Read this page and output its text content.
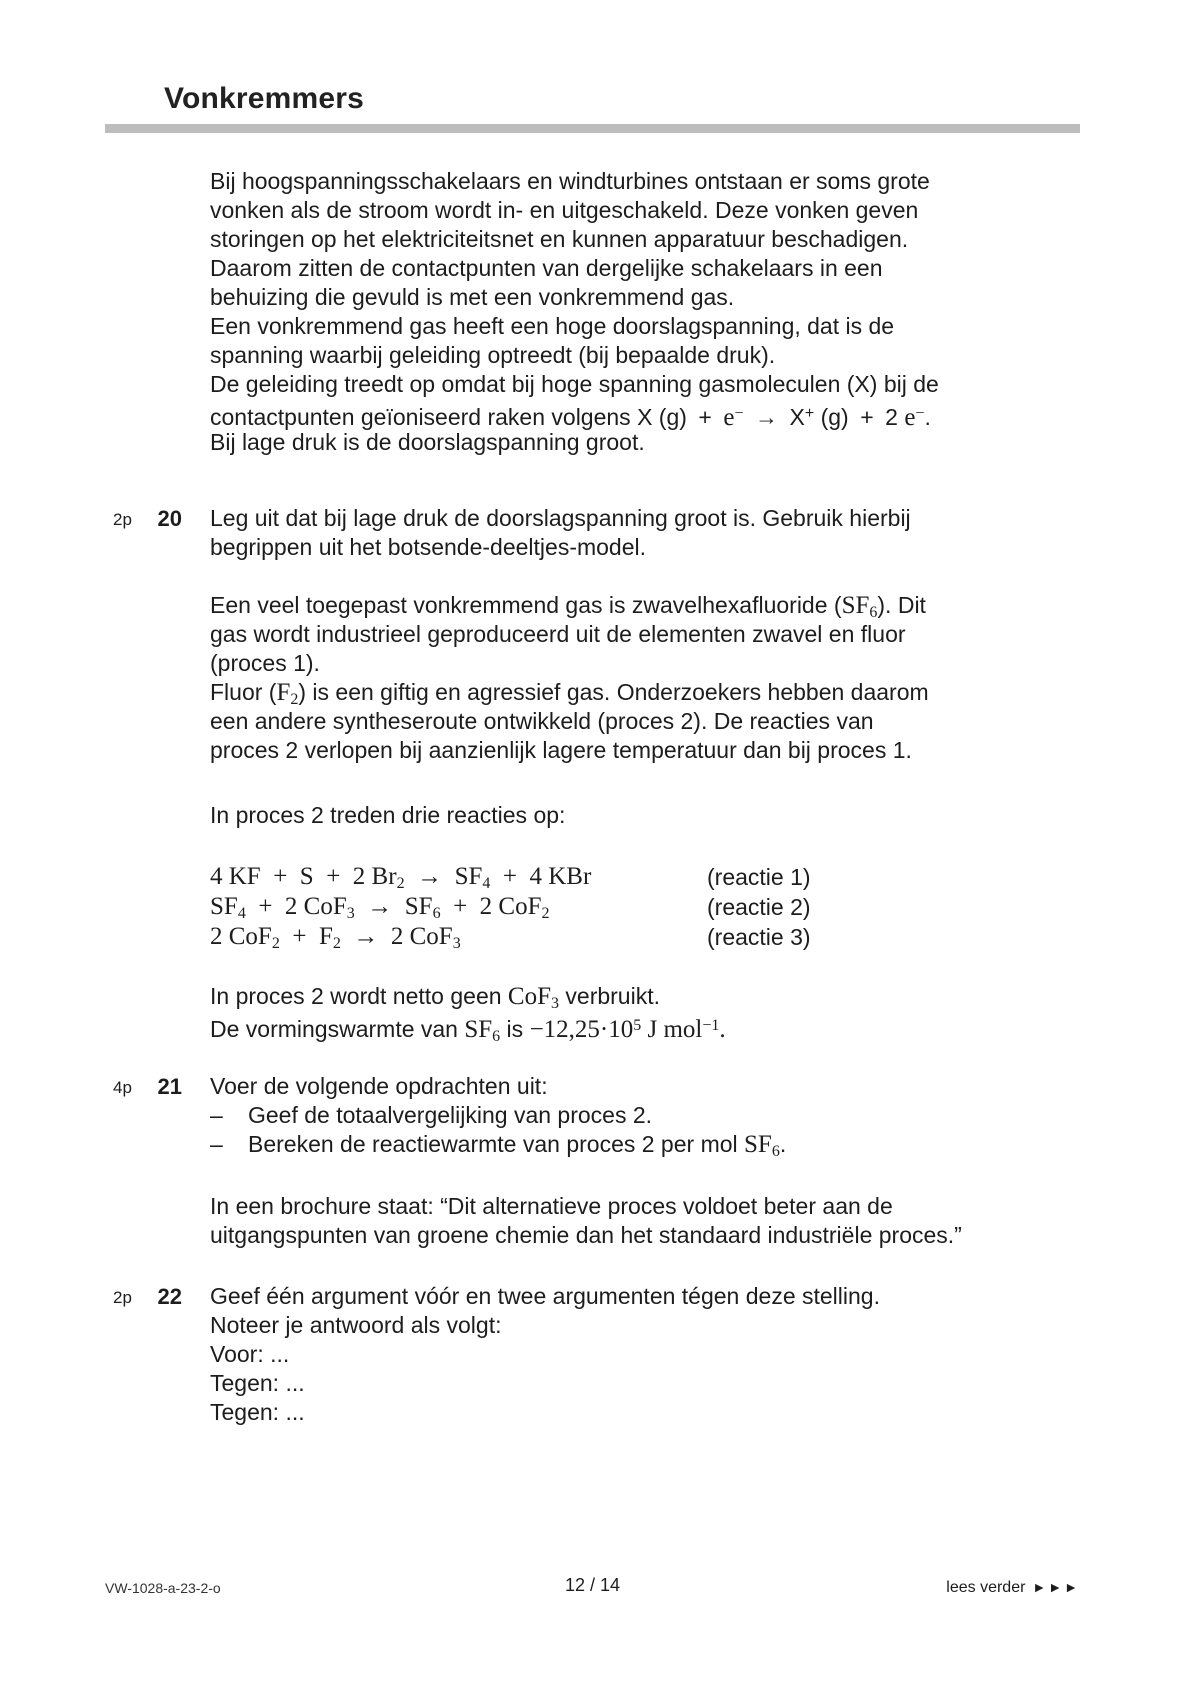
Vonkremmers
Bij hoogspanningsschakelaars en windturbines ontstaan er soms grote
vonken als de stroom wordt in- en uitgeschakeld. Deze vonken geven
storingen op het elektriciteitsnet en kunnen apparatuur beschadigen.
Daarom zitten de contactpunten van dergelijke schakelaars in een
behuizing die gevuld is met een vonkremmend gas.
Een vonkremmend gas heeft een hoge doorslagspanning, dat is de
spanning waarbij geleiding optreedt (bij bepaalde druk).
De geleiding treedt op omdat bij hoge spanning gasmoleculen (X) bij de
contactpunten geïoniseerd raken volgens X (g) + e− → X+ (g) + 2 e−.
Bij lage druk is de doorslagspanning groot.
2p	20 Leg uit dat bij lage druk de doorslagspanning groot is. Gebruik hierbij
begrippen uit het botsende-deeltjes-model.
Een veel toegepast vonkremmend gas is zwavelhexafluoride $(SF_6)$. Dit
gas wordt industrieel geproduceerd uit de elementen zwavel en fluor
(proces 1).
Fluor $(F_2)$ is een giftig en agressief gas. Onderzoekers hebben daarom
een andere syntheseroute ontwikkeld (proces 2). De reacties van
proces 2 verlopen bij aanzienlijk lagere temperatuur dan bij proces 1.
In proces 2 treden drie reacties op:
4 KF + S + 2 $Br_2$ → $SF_4$ + 4 KBr	(reactie 1)
$SF_4$ + 2 CoF$_3$ → $SF_6$ + 2 CoF$_2$	(reactie 2)
2 CoF$_2$ + $F_2$ → 2 CoF$_3$	(reactie 3)
In proces 2 wordt netto geen CoF$_3$ verbruikt.
De vormingswarmte van $SF_6$ is $-12,25\cdot 10^5$ J mol$^{-1}$.
4p	21 Voer de volgende opdrachten uit:
– Geef de totaalvergelijking van proces 2.
– Bereken de reactiewarmte van proces 2 per mol $SF_6$.
In een brochure staat: “Dit alternatieve proces voldoet beter aan de
uitgangspunten van groene chemie dan het standaard industriële proces.”
2p	22 Geef één argument vóór en twee argumenten tégen deze stelling.
Noteer je antwoord als volgt:
Voor: ...
Tegen: ...
Tegen: ...
VW-1028-a-23-2-o	12 / 14	lees verder ►►►
